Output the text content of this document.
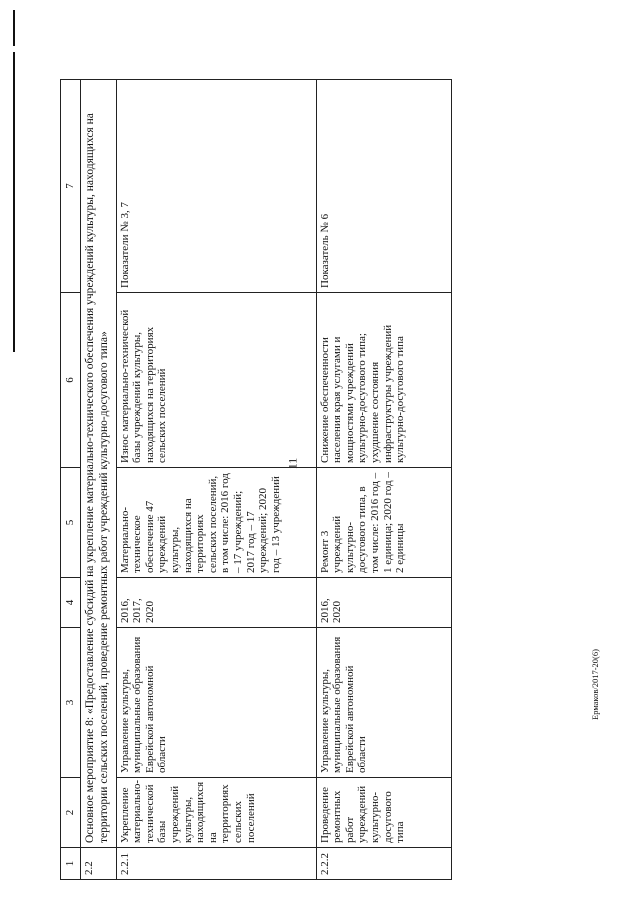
11
1	2	3	4	5	6	7
2.2	Основное мероприятие 8: «Предоставление субсидий на укрепление материально-технического обеспечения учреждений культуры, находящихся на территории сельских поселений, проведение ремонтных работ учреждений культурно-досугового типа»					
2.2.1	Укрепление материально-технической базы учреждений культуры, находящихся на территориях сельских поселений	Управление культуры, муниципальные образования Еврейской автономной области	2016, 2017, 2020	Материально-техническое обеспечение 47 учреждений культуры, находящихся на территориях сельских поселений, в том числе: 2016 год – 17 учреждений; 2017 год – 17 учреждений; 2020 год – 13 учреждений	Износ материально-технической базы учреждений культуры, находящихся на территориях сельских поселений	Показатели № 3, 7
2.2.2	Проведение ремонтных работ учреждений культурно-досугового типа	Управление культуры, муниципальные образования Еврейской автономной области	2016, 2020	Ремонт 3 учреждений культурно-досугового типа, в том числе: 2016 год – 1 единица; 2020 год – 2 единицы	Снижение обеспеченности населения края услугами и мощностями учреждений культурно-досугового типа; ухудшение состояния инфраструктуры учреждений культурно-досугового типа	Показатель № 6
Ермаков/2017-20(6)
